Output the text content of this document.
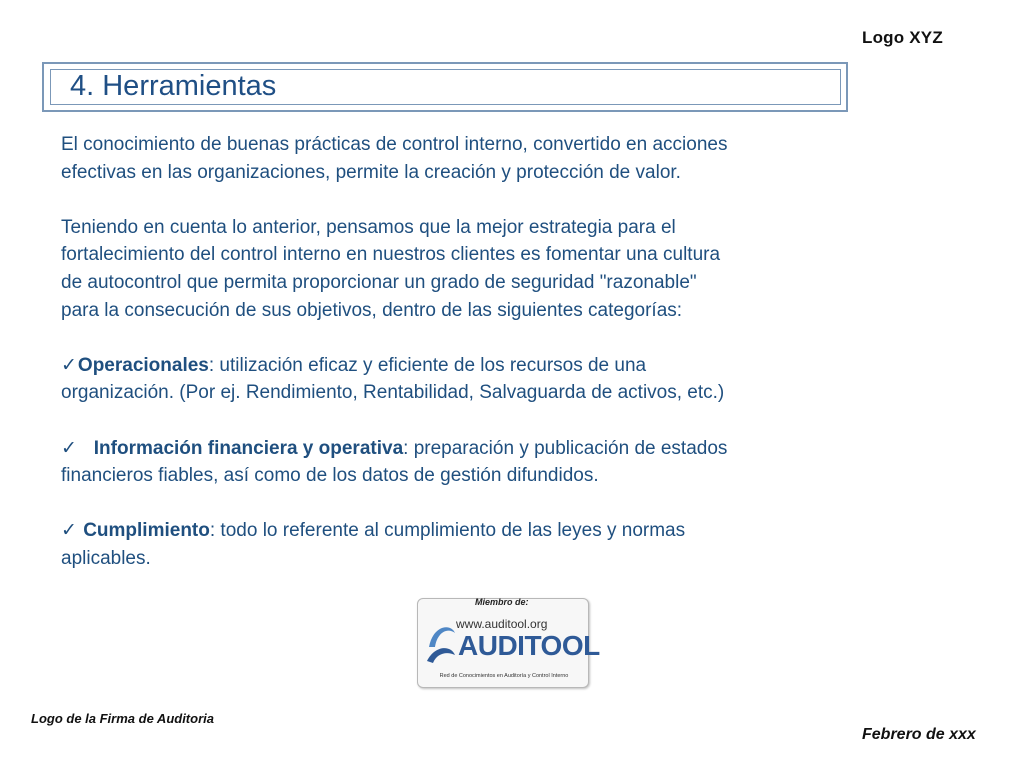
Logo XYZ
4. Herramientas

El conocimiento de buenas prácticas de control interno, convertido en acciones

efectivas en las organizaciones, permite la creación y protección de valor.

Teniendo en cuenta lo anterior, pensamos que la mejor estrategia para el

fortalecimiento del control interno en nuestros clientes es fomentar una cultura

de autocontrol que permita proporcionar un grado de seguridad "razonable"

para la consecución de sus objetivos, dentro de las siguientes categorías:

✓Operacionales: utilización eficaz y eficiente de los recursos de una

organización. (Por ej. Rendimiento, Rentabilidad, Salvaguarda de activos, etc.)

✓ Información financiera y operativa: preparación y publicación de estados

financieros fiables, así como de los datos de gestión difundidos.

✓ Cumplimiento: todo lo referente al cumplimiento de las leyes y normas

aplicables.

Miembro de:
www.auditool.org
AUDITOOL
Red de Conocimientos en Auditoría y Control Interno
Logo de la Firma de Auditoria
Febrero de xxx
